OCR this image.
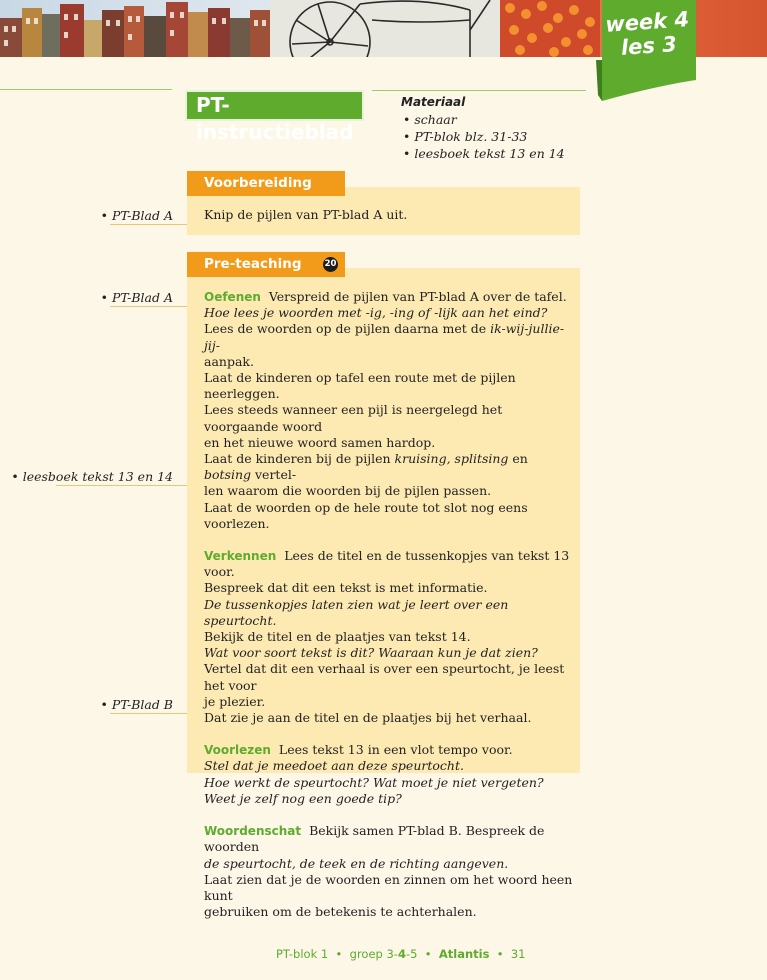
week 4
les 3
PT-instructieblad
Materiaal
• schaar
• PT-blok blz. 31-33
• leesboek tekst 13 en 14
Voorbereiding
• PT-Blad A Knip de pijlen van PT-blad A uit.
Pre-teaching	20
• PT-Blad A
• leesboek tekst 13 en 14
• PT-Blad B

Oefenen Verspreid de pijlen van PT-blad A over de tafel.

Hoe lees je woorden met -ig, -ing of -lijk aan het eind?

Lees de woorden op de pijlen daarna met de ik-wij-jullie-jij-

aanpak.

Laat de kinderen op tafel een route met de pijlen neerleggen.

Lees steeds wanneer een pijl is neergelegd het voorgaande woord

en het nieuwe woord samen hardop.

Laat de kinderen bij de pijlen kruising, splitsing en botsing vertel-

len waarom die woorden bij de pijlen passen.

Laat de woorden op de hele route tot slot nog eens voorlezen.

Verkennen Lees de titel en de tussenkopjes van tekst 13 voor.

Bespreek dat dit een tekst is met informatie.

De tussenkopjes laten zien wat je leert over een speurtocht.

Bekijk de titel en de plaatjes van tekst 14.

Wat voor soort tekst is dit? Waaraan kun je dat zien?

Vertel dat dit een verhaal is over een speurtocht, je leest het voor

je plezier.

Dat zie je aan de titel en de plaatjes bij het verhaal.

Voorlezen Lees tekst 13 in een vlot tempo voor.

Stel dat je meedoet aan deze speurtocht.

Hoe werkt de speurtocht? Wat moet je niet vergeten?

Weet je zelf nog een goede tip?

Woordenschat Bekijk samen PT-blad B. Bespreek de woorden

de speurtocht, de teek en de richting aangeven.

Laat zien dat je de woorden en zinnen om het woord heen kunt

gebruiken om de betekenis te achterhalen.

PT-blok 1 • groep 3-4-5 • Atlantis • 31
